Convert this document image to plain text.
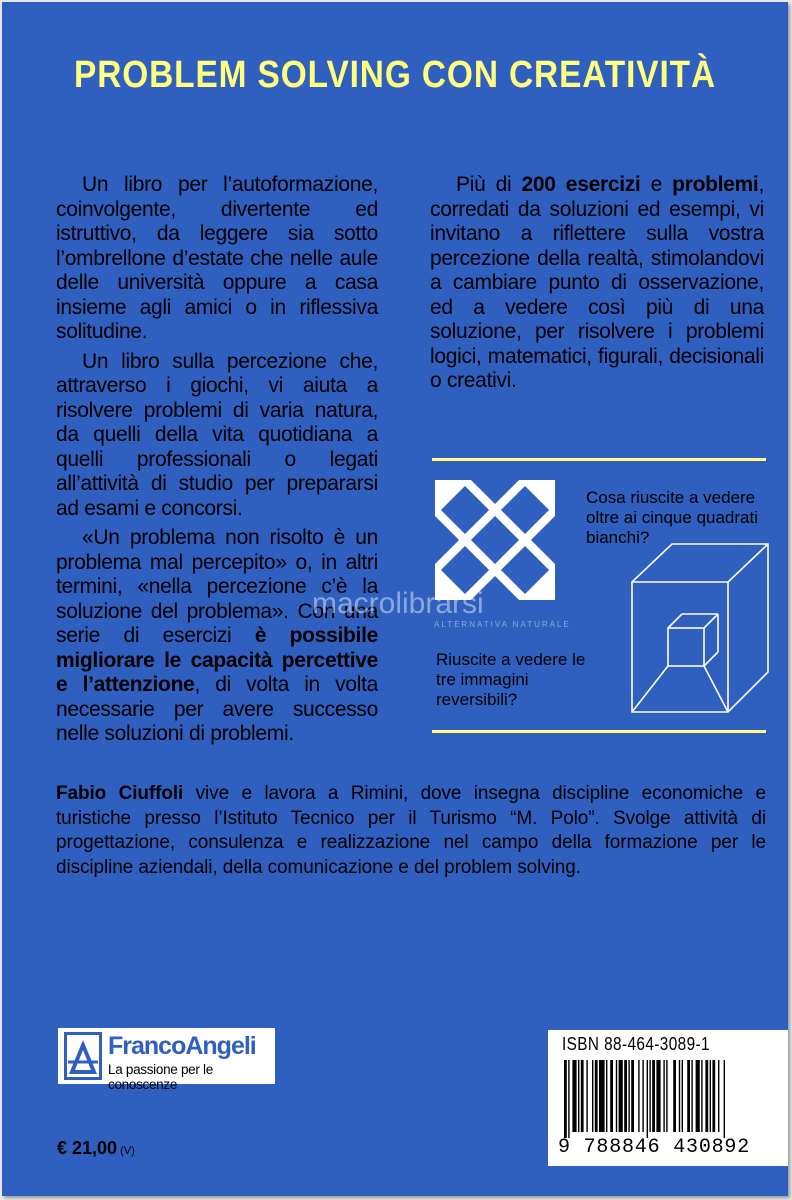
PROBLEM SOLVING CON CREATIVITÀ

Un libro per l’autoformazione, coinvolgente, divertente ed istruttivo, da leggere sia sotto l’ombrellone d’estate che nelle aule delle università oppure a casa insieme agli amici o in riflessiva solitudine.

Un libro sulla percezione che, attraverso i giochi, vi aiuta a risolvere problemi di varia natura, da quelli della vita quotidiana a quelli professionali o legati all’attività di studio per prepararsi ad esami e concorsi.

«Un problema non risolto è un problema mal percepito» o, in altri termini, «nella percezione c’è la soluzione del problema». Con una serie di esercizi è possibile migliorare le capacità percettive e l’attenzione, di volta in volta necessarie per avere successo nelle soluzioni di problemi.

Più di 200 esercizi e problemi, corredati da soluzioni ed esempi, vi invitano a riflettere sulla vostra percezione della realtà, stimolandovi a cambiare punto di osservazione, ed a vedere così più di una soluzione, per risolvere i problemi logici, matematici, figurali, decisionali o creativi.

Cosa riuscite a vedere oltre ai cinque quadrati bianchi?
Riuscite a vedere le tre immagini reversibili?
macrolibrarsi
ALTERNATIVA NATURALE
Fabio Ciuffoli vive e lavora a Rimini, dove insegna discipline economiche e turistiche presso l’Istituto Tecnico per il Turismo “M. Polo”. Svolge attività di progettazione, consulenza e realizzazione nel campo della formazione per le discipline aziendali, della comunicazione e del problem solving.
FrancoAngeli
La passione per le conoscenze
€ 21,00 (V)
ISBN 88-464-3089-1
9 788846 430892
